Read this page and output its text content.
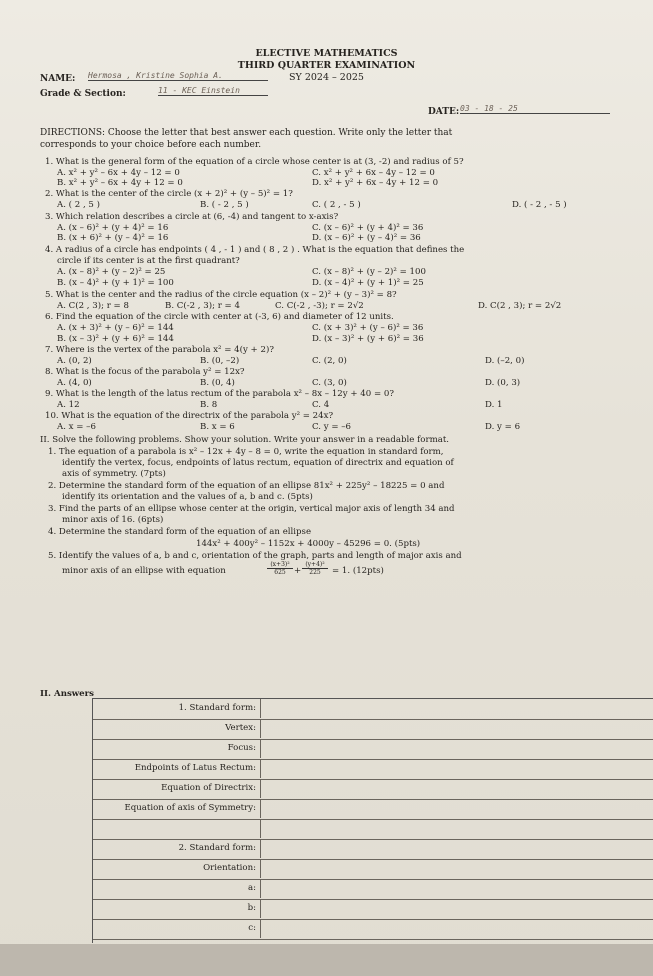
ELECTIVE MATHEMATICS
THIRD QUARTER EXAMINATION
SY 2024 – 2025
NAME: Hermosa , Kristine Sophia A.
Grade & Section:	11 - KEC Einstein
DATE: 03 - 18 - 25
DIRECTIONS: Choose the letter that best answer each question. Write only the letter that
corresponds to your choice before each number.
1. What is the general form of the equation of a circle whose center is at (3, -2) and radius of 5?
A. x² + y² – 6x + 4y – 12 = 0
B. x² + y² – 6x + 4y + 12 = 0
C. x² + y² + 6x – 4y – 12 = 0
D. x² + y² + 6x – 4y + 12 = 0
2. What is the center of the circle (x + 2)² + (y – 5)² = 1?
A. ( 2 , 5 )	B. ( - 2 , 5 )	C. ( 2 , - 5 )	D. ( - 2 , - 5 )
3. Which relation describes a circle at (6, -4) and tangent to x-axis?
A. (x – 6)² + (y + 4)² = 16
B. (x + 6)² + (y – 4)² = 16
C. (x – 6)² + (y + 4)² = 36
D. (x – 6)² + (y – 4)² = 36
4. A radius of a circle has endpoints ( 4 , - 1 ) and ( 8 , 2 ) . What is the equation that defines the
circle if its center is at the first quadrant?
A. (x – 8)² + (y – 2)² = 25
B. (x – 4)² + (y + 1)² = 100
C. (x – 8)² + (y – 2)² = 100
D. (x – 4)² + (y + 1)² = 25
5. What is the center and the radius of the circle equation (x – 2)² + (y – 3)² = 8?
A. C(2 , 3); r = 8	B. C(-2 , 3); r = 4	C. C(-2 , -3); r = 2√2	D. C(2 , 3); r = 2√2
6. Find the equation of the circle with center at (-3, 6) and diameter of 12 units.
A. (x + 3)² + (y – 6)² = 144
B. (x – 3)² + (y + 6)² = 144
C. (x + 3)² + (y – 6)² = 36
D. (x – 3)² + (y + 6)² = 36
7. Where is the vertex of the parabola x² = 4(y + 2)?
A. (0, 2)	B. (0, –2)	C. (2, 0)	D. (–2, 0)
8. What is the focus of the parabola y² = 12x?
A. (4, 0)	B. (0, 4)	C. (3, 0)	D. (0, 3)
9. What is the length of the latus rectum of the parabola x² – 8x – 12y + 40 = 0?
A. 12	B. 8	C. 4	D. 1
10. What is the equation of the directrix of the parabola y² = 24x?
A. x = –6	B. x = 6	C. y = –6	D. y = 6
II. Solve the following problems. Show your solution. Write your answer in a readable format.
1. The equation of a parabola is x² – 12x + 4y – 8 = 0, write the equation in standard form,
identify the vertex, focus, endpoints of latus rectum, equation of directrix and equation of
axis of symmetry. (7pts)
2. Determine the standard form of the equation of an ellipse 81x² + 225y² – 18225 = 0 and
identify its orientation and the values of a, b and c. (5pts)
3. Find the parts of an ellipse whose center at the origin, vertical major axis of length 34 and
minor axis of 16. (6pts)
4. Determine the standard form of the equation of an ellipse
144x² + 400y² – 1152x + 4000y – 45296 = 0. (5pts)
5. Identify the values of a, b and c, orientation of the graph, parts and length of major axis and
minor axis of an ellipse with equation	$\frac{\text{(x+3)²}}{625} + \frac{\text{(y+4)²}}{225} = 1$. (12pts)
II. Answers
1. Standard form:
Vertex:
Focus:
Endpoints of Latus Rectum:
Equation of Directrix:
Equation of axis of Symmetry:
2. Standard form:
Orientation:
a:
b:
c:
